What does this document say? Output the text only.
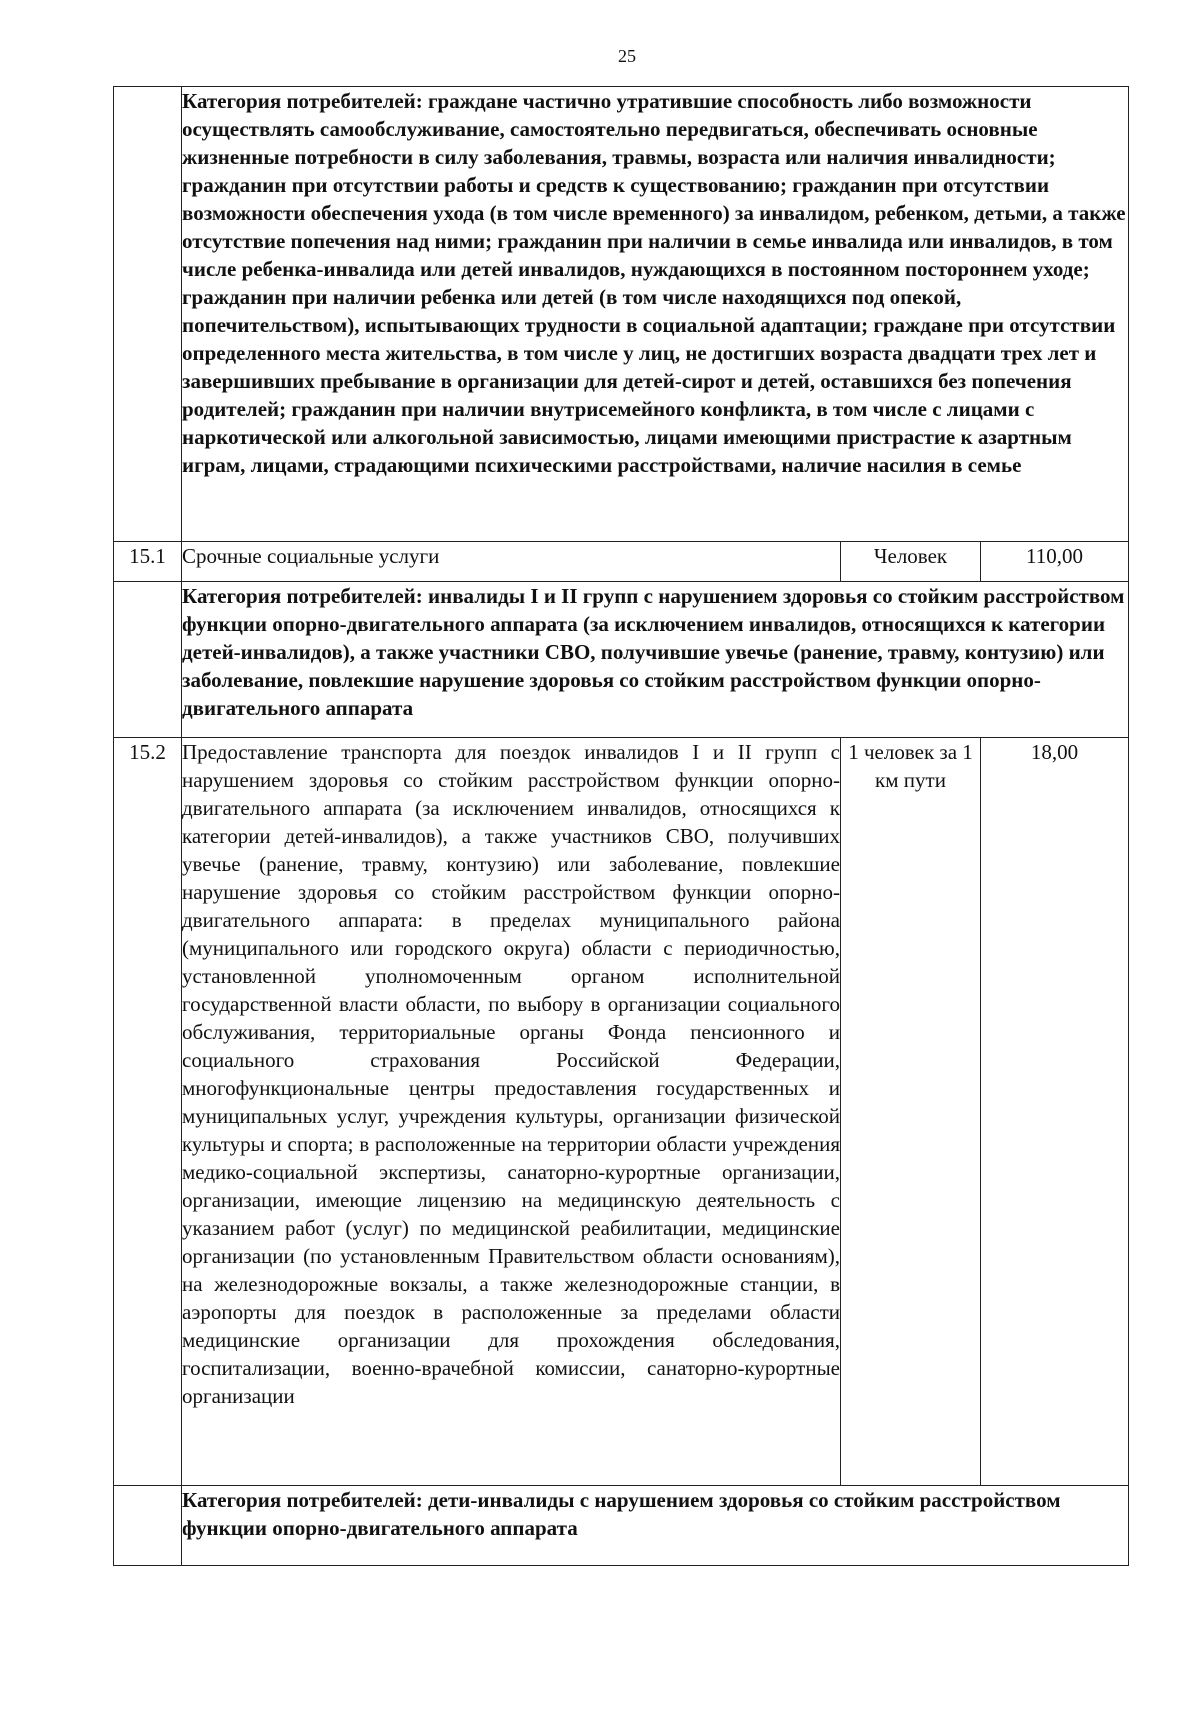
25
	Категория потребителей: граждане частично утратившие способность либо возможности осуществлять самообслуживание, самостоятельно передвигаться, обеспечивать основные жизненные потребности в силу заболевания, травмы, возраста или наличия инвалидности; гражданин при отсутствии работы и средств к существованию; гражданин при отсутствии возможности обеспечения ухода (в том числе временного) за инвалидом, ребенком, детьми, а также отсутствие попечения над ними; гражданин при наличии в семье инвалида или инвалидов, в том числе ребенка-инвалида или детей инвалидов, нуждающихся в постоянном постороннем уходе; гражданин при наличии ребенка или детей (в том числе находящихся под опекой, попечительством), испытывающих трудности в социальной адаптации; граждане при отсутствии определенного места жительства, в том числе у лиц, не достигших возраста двадцати трех лет и завершивших пребывание в организации для детей-сирот и детей, оставшихся без попечения родителей; гражданин при наличии внутрисемейного конфликта, в том числе с лицами с наркотической или алкогольной зависимостью, лицами имеющими пристрастие к азартным играм, лицами, страдающими психическими расстройствами, наличие насилия в семье		
15.1	Срочные социальные услуги	Человек	110,00
	Категория потребителей: инвалиды I и II групп с нарушением здоровья со стойким расстройством функции опорно-двигательного аппарата (за исключением инвалидов, относящихся к категории детей-инвалидов), а также участники СВО, получившие увечье (ранение, травму, контузию) или заболевание, повлекшие нарушение здоровья со стойким расстройством функции опорно-двигательного аппарата		
15.2	Предоставление транспорта для поездок инвалидов I и II групп с нарушением здоровья со стойким расстройством функции опорно-двигательного аппарата (за исключением инвалидов, относящихся к категории детей-инвалидов), а также участников СВО, получивших увечье (ранение, травму, контузию) или заболевание, повлекшие нарушение здоровья со стойким расстройством функции опорно-двигательного аппарата: в пределах муниципального района (муниципального или городского округа) области с периодичностью, установленной уполномоченным органом исполнительной государственной власти области, по выбору в организации социального обслуживания, территориальные органы Фонда пенсионного и социального страхования Российской Федерации, многофункциональные центры предоставления государственных и муниципальных услуг, учреждения культуры, организации физической культуры и спорта; в расположенные на территории области учреждения медико-социальной экспертизы, санаторно-курортные организации, организации, имеющие лицензию на медицинскую деятельность с указанием работ (услуг) по медицинской реабилитации, медицинские организации (по установленным Правительством области основаниям), на железнодорожные вокзалы, а также железнодорожные станции, в аэропорты для поездок в расположенные за пределами области медицинские организации для прохождения обследования, госпитализации, военно-врачебной комиссии, санаторно-курортные организации	1 человек за 1 км пути	18,00
	Категория потребителей: дети-инвалиды с нарушением здоровья со стойким расстройством функции опорно-двигательного аппарата		
